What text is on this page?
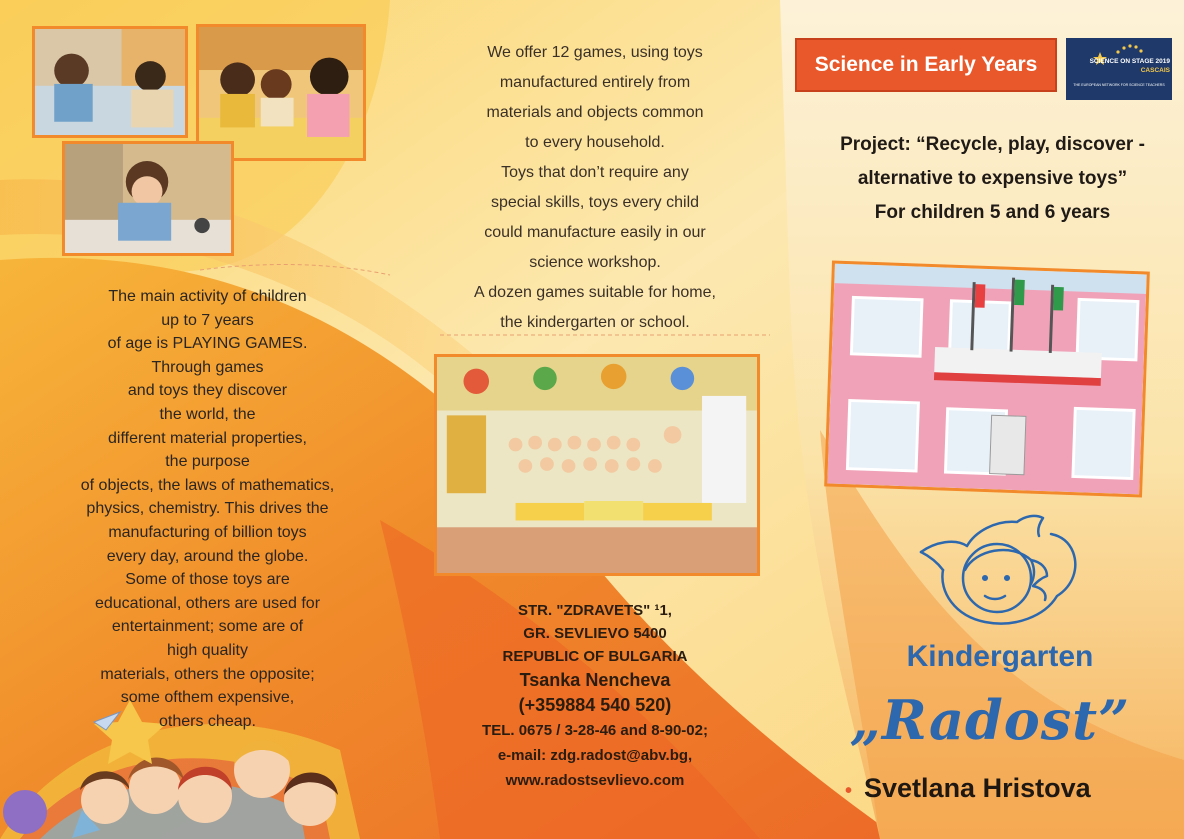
The main activity of children
up to 7 years
of age is PLAYING GAMES.
Through games
and toys they discover
the world, the
different material properties,
the purpose
of objects, the laws of mathematics,
physics, chemistry. This drives the
manufacturing of billion toys
every day, around the globe.
Some of those toys are
educational, others are used for
entertainment; some are of
high quality
materials, others the opposite;
some ofthem expensive,
others cheap.
We offer 12 games, using toys
manufactured entirely from
materials and objects common
to every household.
Toys that don’t require any
special skills, toys every child
could manufacture easily in our
science workshop.
A dozen games suitable for home,
the kindergarten or school.
STR. "ZDRAVETS" ¹1,
GR. SEVLIEVO 5400
REPUBLIC OF BULGARIA
Tsanka Nencheva
(+359884 540 520)
TEL. 0675 / 3-28-46 and 8-90-02;
e-mail: zdg.radost@abv.bg,
www.radostsevlievo.com
Science in Early Years	SCIENCE ON STAGE 2019
CASCAIS
THE EUROPEAN NETWORK FOR SCIENCE TEACHERS
Project: “Recycle, play, discover -
alternative to expensive toys”
For children 5 and 6 years
Kindergarten
„Radost”
• Svetlana Hristova
